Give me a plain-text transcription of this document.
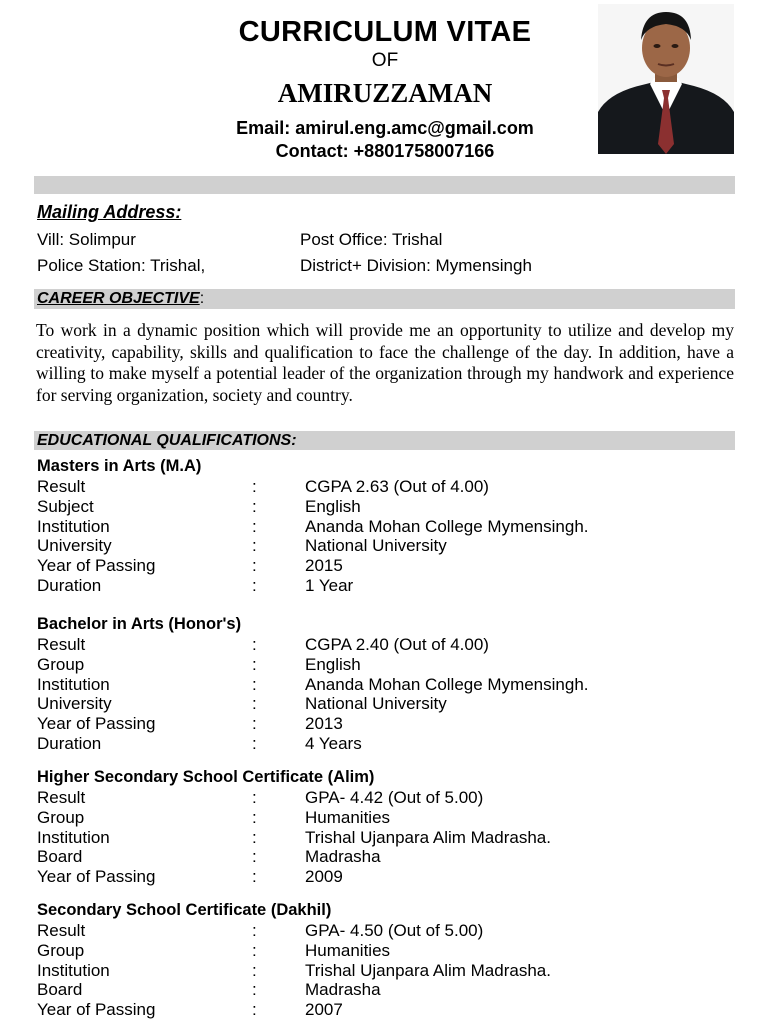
CURRICULUM VITAE
OF
AMIRUZZAMAN
Email: amirul.eng.amc@gmail.com
Contact: +8801758007166
Mailing Address:
Vill: Solimpur	Post Office: Trishal
Police Station: Trishal,	District+ Division: Mymensingh
CAREER OBJECTIVE:
To work in a dynamic position which will provide me an opportunity to utilize and develop my creativity, capability, skills and qualification to face the challenge of the day. In addition, have a willing to make myself a potential leader of the organization through my handwork and experience for serving organization, society and country.
EDUCATIONAL QUALIFICATIONS:
Masters in Arts (M.A)
Result	:	CGPA 2.63 (Out of 4.00)
Subject	:	English
Institution	:	Ananda Mohan College Mymensingh.
University	:	National University
Year of Passing	:	2015
Duration	:	1 Year
Bachelor in Arts (Honor's)
Result	:	CGPA 2.40 (Out of 4.00)
Group	:	English
Institution	:	Ananda Mohan College Mymensingh.
University	:	National University
Year of Passing	:	2013
Duration	:	4 Years
Higher Secondary School Certificate (Alim)
Result	:	GPA- 4.42 (Out of 5.00)
Group	:	Humanities
Institution	:	Trishal Ujanpara Alim Madrasha.
Board	:	Madrasha
Year of Passing	:	2009
Secondary School Certificate (Dakhil)
Result	:	GPA- 4.50 (Out of 5.00)
Group	:	Humanities
Institution	:	Trishal Ujanpara Alim Madrasha.
Board	:	Madrasha
Year of Passing	:	2007
